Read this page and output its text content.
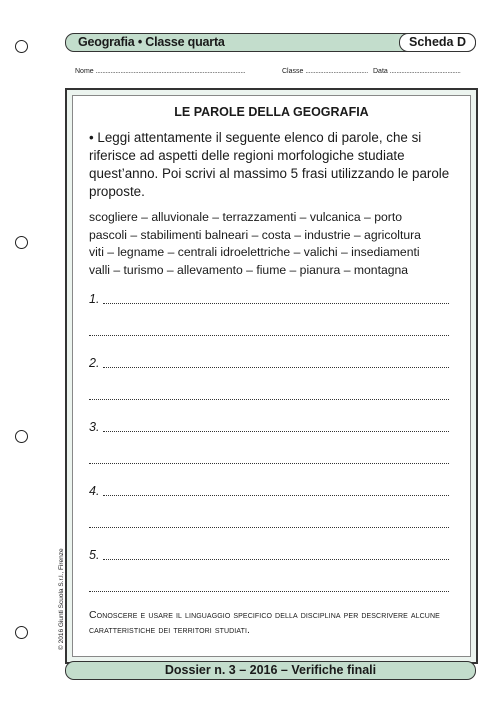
Geografia • Classe quarta	Scheda D
Nome ...........................................................................................	Classe ...................................... Data ...........................................
LE PAROLE DELLA GEOGRAFIA
• Leggi attentamente il seguente elenco di parole, che si riferisce ad aspetti delle regioni morfologiche studiate quest’anno. Poi scrivi al massimo 5 frasi utilizzando le parole proposte.
scogliere – alluvionale – terrazzamenti – vulcanica – porto
pascoli – stabilimenti balneari – costa – industrie – agricoltura
viti – legname – centrali idroelettriche – valichi – insediamenti
valli – turismo – allevamento – fiume – pianura – montagna
1.
2.
3.
4.
5.
Conoscere e usare il linguaggio specifico della disciplina per descrivere alcune caratteristiche dei territori studiati.
© 2016 Giunti Scuola S.r.l., Firenze
Dossier n. 3 – 2016 – Verifiche finali
